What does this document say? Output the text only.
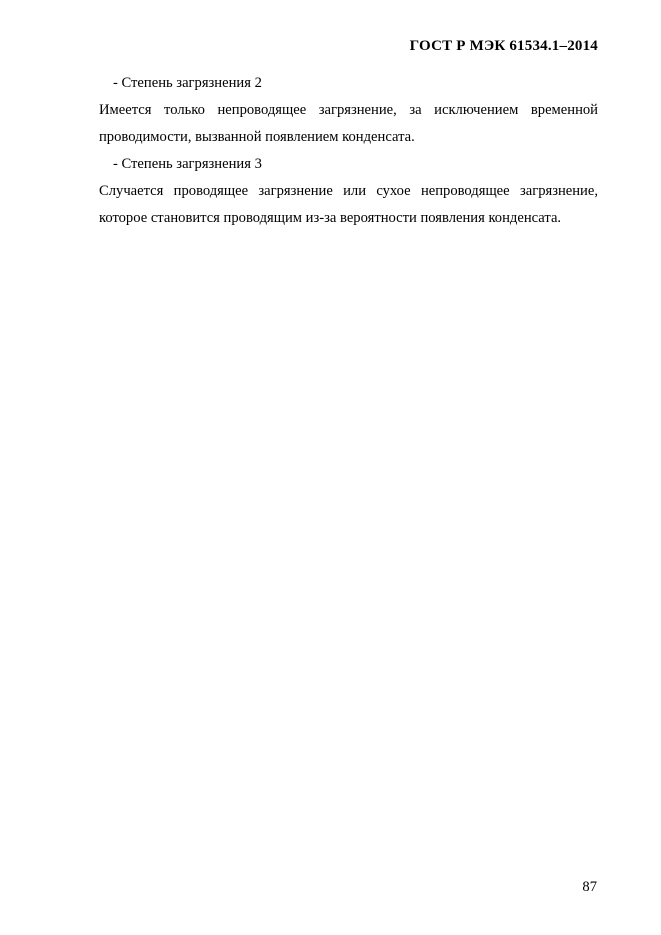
ГОСТ Р МЭК 61534.1–2014
- Степень загрязнения 2
Имеется только непроводящее загрязнение, за исключением временной
проводимости, вызванной появлением конденсата.
- Степень загрязнения 3
Случается проводящее загрязнение или сухое непроводящее загрязнение,
которое становится проводящим из-за вероятности появления конденсата.
87
